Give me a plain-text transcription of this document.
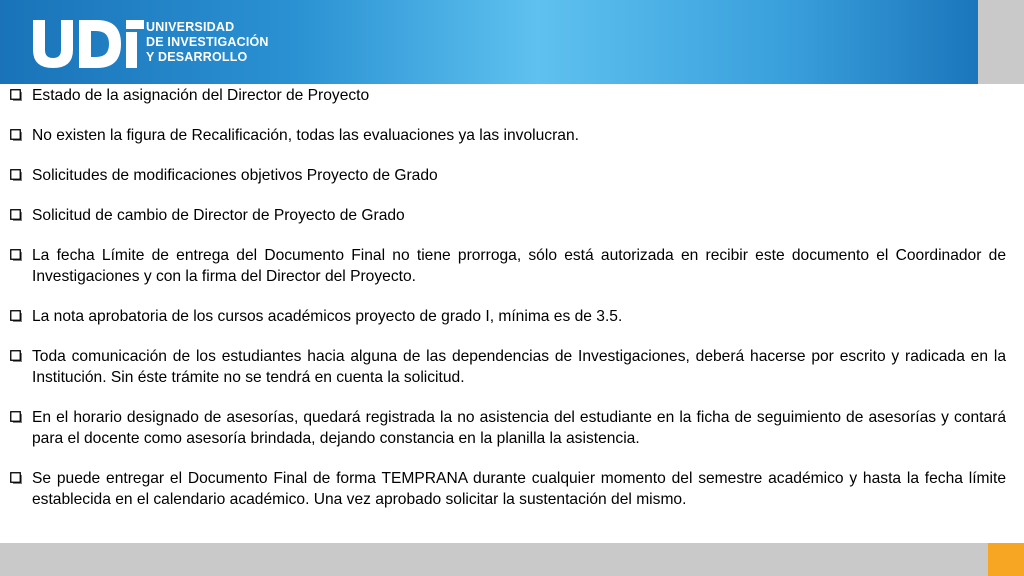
UDI
UNIVERSIDAD
DE INVESTIGACIÓN
Y DESARROLLO
Estado de la asignación del Director de Proyecto
No existen la figura de Recalificación, todas las evaluaciones ya las involucran.
Solicitudes de modificaciones objetivos Proyecto de Grado
Solicitud de cambio de Director de Proyecto de Grado
La fecha Límite de entrega del Documento Final no tiene prorroga, sólo está autorizada en recibir este documento el Coordinador de Investigaciones y con la firma del Director del Proyecto.
La nota aprobatoria de los cursos académicos proyecto de grado I, mínima es de 3.5.
Toda comunicación de los estudiantes hacia alguna de las dependencias de Investigaciones, deberá hacerse por escrito y radicada en la Institución. Sin éste trámite no se tendrá en cuenta la solicitud.
En el horario designado de asesorías, quedará registrada la no asistencia del estudiante en la ficha de seguimiento de asesorías y contará para el docente como asesoría brindada, dejando constancia en la planilla la asistencia.
Se puede entregar el Documento Final de forma TEMPRANA durante cualquier momento del semestre académico y hasta la fecha límite establecida en el calendario académico. Una vez aprobado solicitar la sustentación del mismo.
